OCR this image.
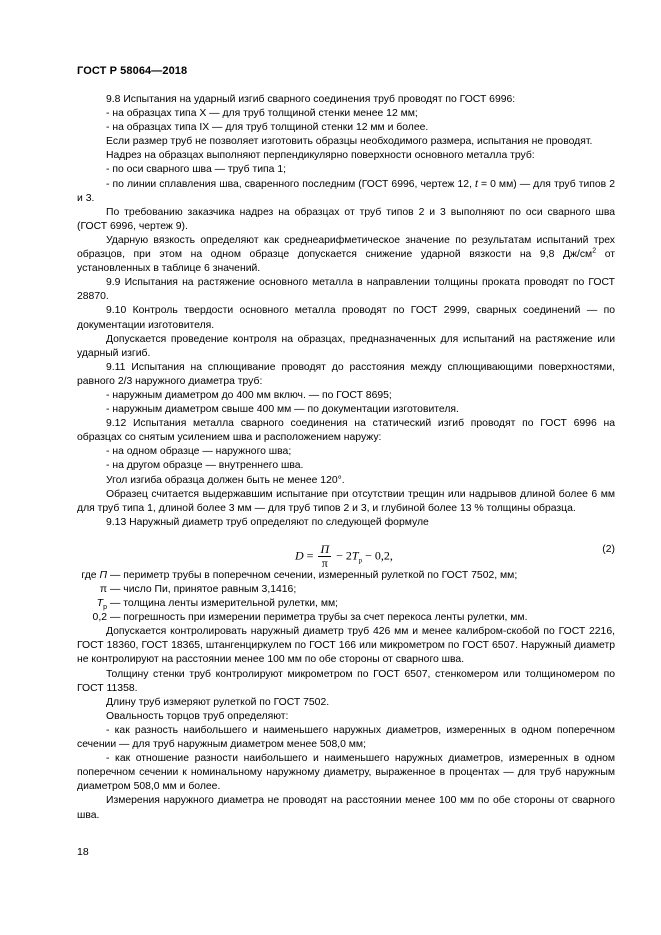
ГОСТ Р 58064—2018

9.8 Испытания на ударный изгиб сварного соединения труб проводят по ГОСТ 6996:

- на образцах типа X — для труб толщиной стенки менее 12 мм;

- на образцах типа IX — для труб толщиной стенки 12 мм и более.

Если размер труб не позволяет изготовить образцы необходимого размера, испытания не проводят.

Надрез на образцах выполняют перпендикулярно поверхности основного металла труб:

- по оси сварного шва — труб типа 1;

- по линии сплавления шва, сваренного последним (ГОСТ 6996, чертеж 12, t = 0 мм) — для труб типов 2 и 3.

По требованию заказчика надрез на образцах от труб типов 2 и 3 выполняют по оси сварного шва (ГОСТ 6996, чертеж 9).

Ударную вязкость определяют как среднеарифметическое значение по результатам испытаний трех образцов, при этом на одном образце допускается снижение ударной вязкости на 9,8 $Дж/см^2$ от установленных в таблице 6 значений.

9.9 Испытания на растяжение основного металла в направлении толщины проката проводят по ГОСТ 28870.

9.10 Контроль твердости основного металла проводят по ГОСТ 2999, сварных соединений — по документации изготовителя.

Допускается проведение контроля на образцах, предназначенных для испытаний на растяжение или ударный изгиб.

9.11 Испытания на сплющивание проводят до расстояния между сплющивающими поверхностями, равного 2/3 наружного диаметра труб:

- наружным диаметром до 400 мм включ. — по ГОСТ 8695;

- наружным диаметром свыше 400 мм — по документации изготовителя.

9.12 Испытания металла сварного соединения на статический изгиб проводят по ГОСТ 6996 на образцах со снятым усилением шва и расположением наружу:

- на одном образце — наружного шва;

- на другом образце — внутреннего шва.

Угол изгиба образца должен быть не менее 120°.

Образец считается выдержавшим испытание при отсутствии трещин или надрывов длиной более 6 мм для труб типа 1, длиной более 3 мм — для труб типов 2 и 3, и глубиной более 13 % толщины образца.

9.13 Наружный диаметр труб определяют по следующей формуле

$D = \frac{П}{\pi} - 2T_p - 0,2$,	(2)
где П — периметр трубы в поперечном сечении, измеренный рулеткой по ГОСТ 7502, мм;
π — число Пи, принятое равным 3,1416;
$T_p$ — толщина ленты измерительной рулетки, мм;
0,2 — погрешность при измерении периметра трубы за счет перекоса ленты рулетки, мм.

Допускается контролировать наружный диаметр труб 426 мм и менее калибром-скобой по ГОСТ 2216, ГОСТ 18360, ГОСТ 18365, штангенциркулем по ГОСТ 166 или микрометром по ГОСТ 6507. Наружный диаметр не контролируют на расстоянии менее 100 мм по обе стороны от сварного шва.

Толщину стенки труб контролируют микрометром по ГОСТ 6507, стенкомером или толщиномером по ГОСТ 11358.

Длину труб измеряют рулеткой по ГОСТ 7502.

Овальность торцов труб определяют:

- как разность наибольшего и наименьшего наружных диаметров, измеренных в одном поперечном сечении — для труб наружным диаметром менее 508,0 мм;

- как отношение разности наибольшего и наименьшего наружных диаметров, измеренных в одном поперечном сечении к номинальному наружному диаметру, выраженное в процентах — для труб наружным диаметром 508,0 мм и более.

Измерения наружного диаметра не проводят на расстоянии менее 100 мм по обе стороны от сварного шва.

18
